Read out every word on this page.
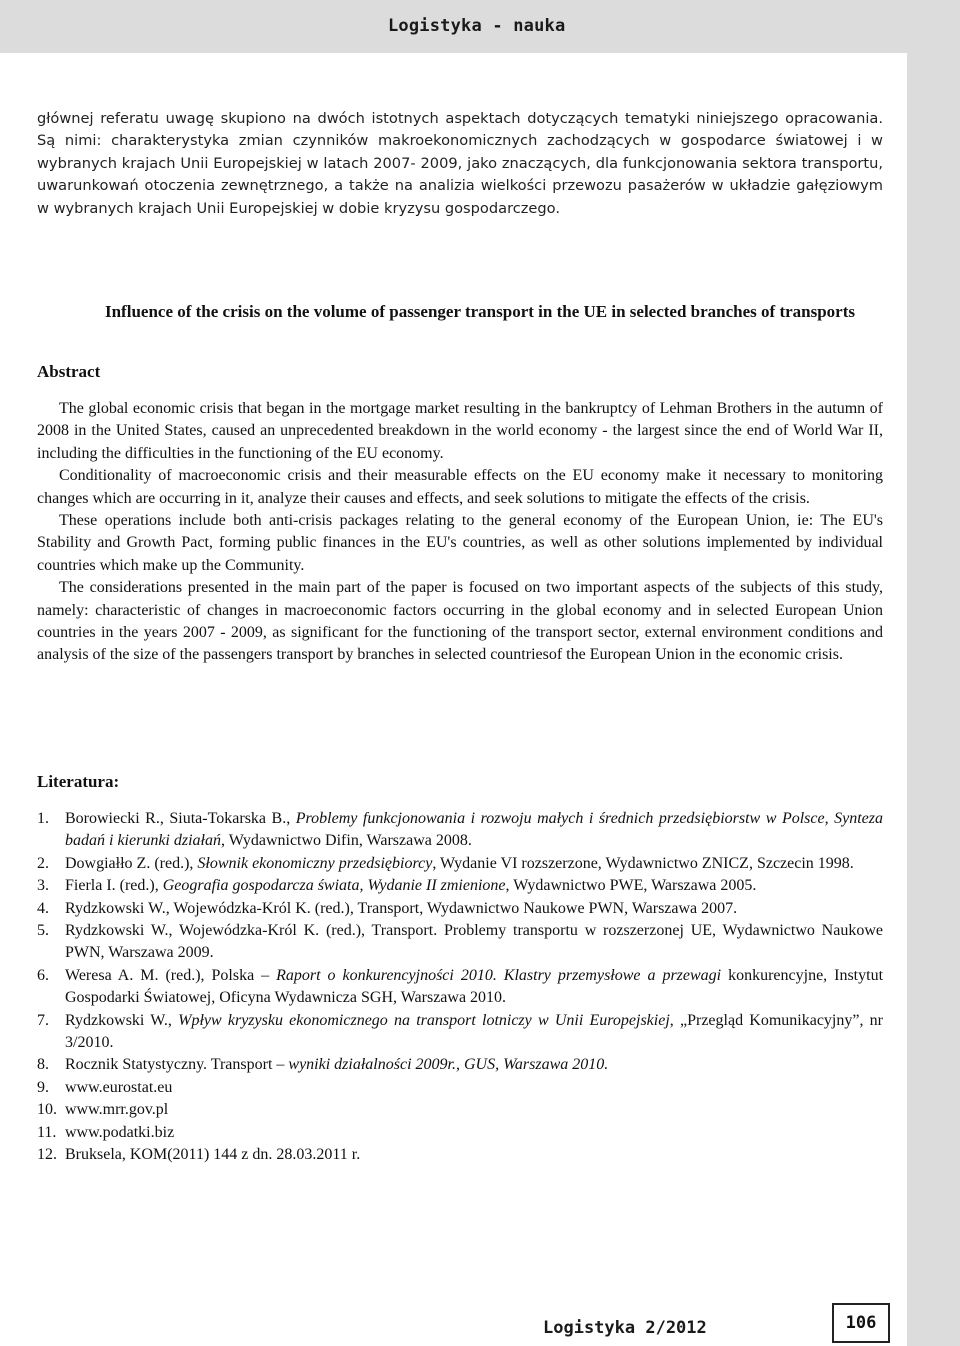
Logistyka - nauka

głównej referatu uwagę skupiono na dwóch istotnych aspektach dotyczących tematyki niniejszego opracowania. Są nimi: charakterystyka zmian czynników makroekonomicznych zachodzących w gospodarce światowej i w wybranych krajach Unii Europejskiej w latach 2007- 2009, jako znaczących, dla funkcjonowania sektora transportu, uwarunkowań otoczenia zewnętrznego, a także na analizia wielkości przewozu pasażerów w układzie gałęziowym w wybranych krajach Unii Europejskiej w dobie kryzysu gospodarczego.

Influence of the crisis on the volume of passenger transport in the UE in selected branches of transports

Abstract

The global economic crisis that began in the mortgage market resulting in the bankruptcy of Lehman Brothers in the autumn of 2008 in the United States, caused an unprecedented breakdown in the world economy - the largest since the end of World War II, including the difficulties in the functioning of the EU economy.

Conditionality of macroeconomic crisis and their measurable effects on the EU economy make it necessary to monitoring changes which are occurring in it, analyze their causes and effects, and seek solutions to mitigate the effects of the crisis.

These operations include both anti-crisis packages relating to the general economy of the European Union, ie: The EU's Stability and Growth Pact, forming public finances in the EU's countries, as well as other solutions implemented by individual countries which make up the Community.

The considerations presented in the main part of the paper is focused on two important aspects of the subjects of this study, namely: characteristic of changes in macroeconomic factors occurring in the global economy and in selected European Union countries in the years 2007 - 2009, as significant for the functioning of the transport sector, external environment conditions and analysis of the size of the passengers transport by branches in selected countriesof the European Union in the economic crisis.

Literatura:

1. Borowiecki R., Siuta-Tokarska B., Problemy funkcjonowania i rozwoju małych i średnich przedsiębiorstw w Polsce, Synteza badań i kierunki działań, Wydawnictwo Difin, Warszawa 2008.
2. Dowgiałło Z. (red.), Słownik ekonomiczny przedsiębiorcy, Wydanie VI rozszerzone, Wydawnictwo ZNICZ, Szczecin 1998.
3. Fierla I. (red.), Geografia gospodarcza świata, Wydanie II zmienione, Wydawnictwo PWE, Warszawa 2005.
4. Rydzkowski W., Wojewódzka-Król K. (red.), Transport, Wydawnictwo Naukowe PWN, Warszawa 2007.
5. Rydzkowski W., Wojewódzka-Król K. (red.), Transport. Problemy transportu w rozszerzonej UE, Wydawnictwo Naukowe PWN, Warszawa 2009.
6. Weresa A. M. (red.), Polska – Raport o konkurencyjności 2010. Klastry przemysłowe a przewagi konkurencyjne, Instytut Gospodarki Światowej, Oficyna Wydawnicza SGH, Warszawa 2010.
7. Rydzkowski W., Wpływ kryzysku ekonomicznego na transport lotniczy w Unii Europejskiej, „Przegląd Komunikacyjny”, nr 3/2010.
8. Rocznik Statystyczny. Transport – wyniki działalności 2009r., GUS, Warszawa 2010.
9. www.eurostat.eu
10. www.mrr.gov.pl
11. www.podatki.biz
12. Bruksela, KOM(2011) 144 z dn. 28.03.2011 r.
Logistyka 2/2012	106
